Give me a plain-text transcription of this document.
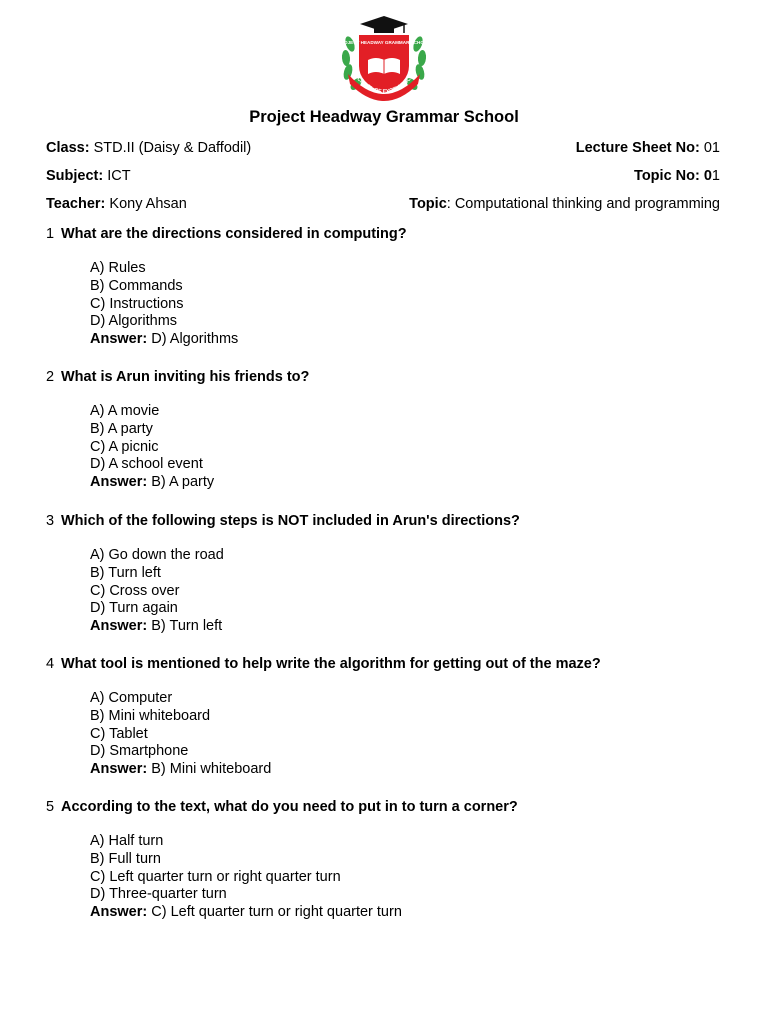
PROJECT HEADWAY GRAMMAR SCHOOL
SCHOOL OF EXCELLENCE
Project Headway Grammar School
Class: STD.II (Daisy & Daffodil)	Lecture Sheet No: 01
Subject: ICT	Topic No: 01
Teacher: Kony Ahsan	Topic: Computational thinking and programming
1 What are the directions considered in computing?
A) Rules
B) Commands
C) Instructions
D) Algorithms
Answer: D) Algorithms
2 What is Arun inviting his friends to?
A) A movie
B) A party
C) A picnic
D) A school event
Answer: B) A party
3 Which of the following steps is NOT included in Arun's directions?
A) Go down the road
B) Turn left
C) Cross over
D) Turn again
Answer: B) Turn left
4 What tool is mentioned to help write the algorithm for getting out of the maze?
A) Computer
B) Mini whiteboard
C) Tablet
D) Smartphone
Answer: B) Mini whiteboard
5 According to the text, what do you need to put in to turn a corner?
A) Half turn
B) Full turn
C) Left quarter turn or right quarter turn
D) Three-quarter turn
Answer: C) Left quarter turn or right quarter turn
